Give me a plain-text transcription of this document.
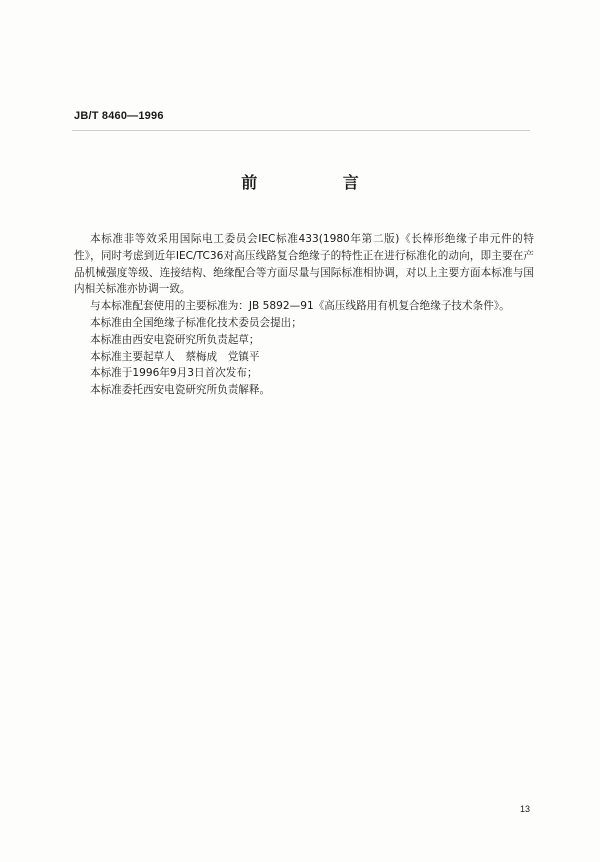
JB/T 8460—1996
前 言

本标准非等效采用国际电工委员会IEC标准433(1980年第二版)《长棒形绝缘子串元件的特性》，同时考虑到近年IEC/TC36对高压线路复合绝缘子的特性正在进行标准化的动向，即主要在产品机械强度等级、连接结构、绝缘配合等方面尽量与国际标准相协调，对以上主要方面本标准与国内相关标准亦协调一致。

与本标准配套使用的主要标准为：JB 5892—91《高压线路用有机复合绝缘子技术条件》。

本标准由全国绝缘子标准化技术委员会提出；

本标准由西安电瓷研究所负责起草；

本标准主要起草人　蔡梅成　党镇平

本标准于1996年9月3日首次发布；

本标准委托西安电瓷研究所负责解释。

13
